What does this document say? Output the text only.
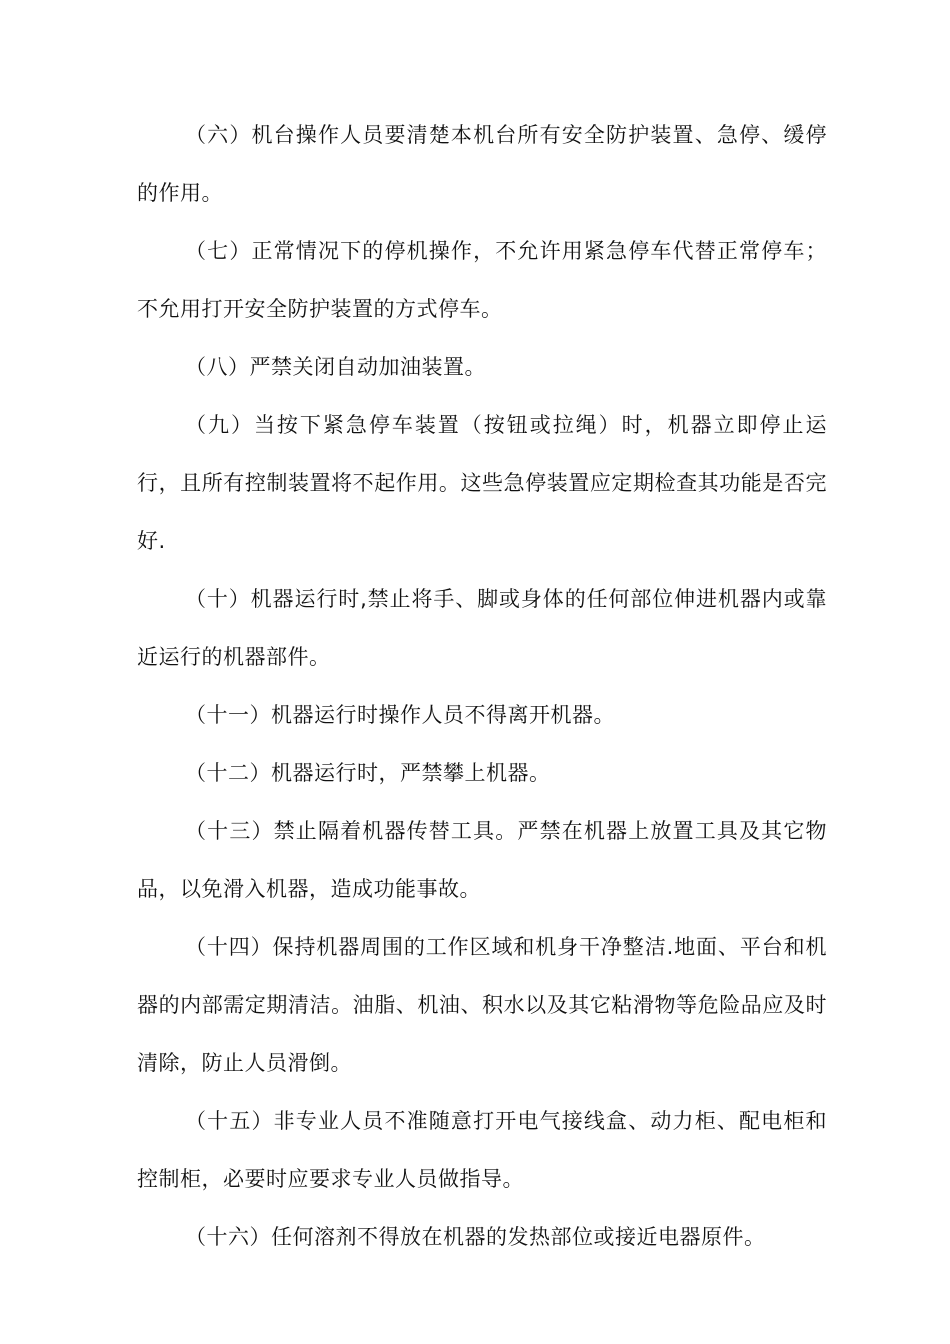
（六）机台操作人员要清楚本机台所有安全防护装置、急停、缓停的作用。

（七）正常情况下的停机操作，不允许用紧急停车代替正常停车；不允用打开安全防护装置的方式停车。

（八）严禁关闭自动加油装置。

（九）当按下紧急停车装置（按钮或拉绳）时，机器立即停止运行，且所有控制装置将不起作用。这些急停装置应定期检查其功能是否完好.

（十）机器运行时,禁止将手、脚或身体的任何部位伸进机器内或靠近运行的机器部件。

（十一）机器运行时操作人员不得离开机器。

（十二）机器运行时，严禁攀上机器。

（十三）禁止隔着机器传替工具。严禁在机器上放置工具及其它物品，以免滑入机器，造成功能事故。

（十四）保持机器周围的工作区域和机身干净整洁.地面、平台和机器的内部需定期清洁。油脂、机油、积水以及其它粘滑物等危险品应及时清除，防止人员滑倒。

（十五）非专业人员不准随意打开电气接线盒、动力柜、配电柜和控制柜，必要时应要求专业人员做指导。

（十六）任何溶剂不得放在机器的发热部位或接近电器原件。
